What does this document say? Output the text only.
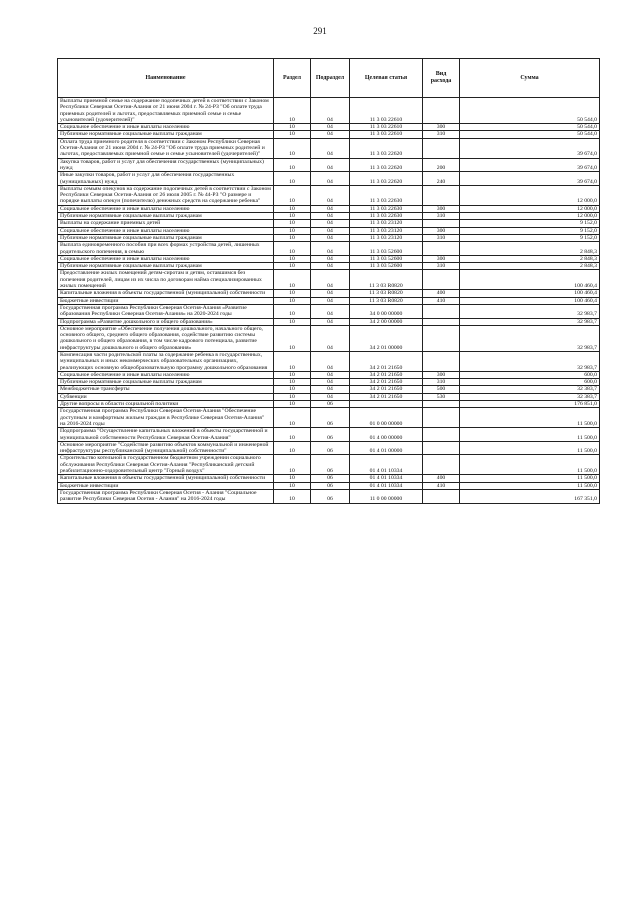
291
Наименование	Раздел	Подраздел	Целевая статья	Вид расхода	Сумма
Выплаты приемной семье на содержание подопечных детей в соответствии с Законом Республики Северная Осетия-Алания от 21 июня 2004 г. № 24-РЗ "Об оплате труда приемных родителей и льготах, предоставляемых приемной семье и семье усыновителей (удочерителей)"	10	04	11 3 03 22610		50 544,0
Социальное обеспечение и иные выплаты населению	10	04	11 3 03 22610	300	50 544,0
Публичные нормативные социальные выплаты гражданам	10	04	11 3 03 22610	310	50 544,0
Оплата труда приемного родителя в соответствии с Законом Республики Северная Осетия-Алания от 21 июня 2004 г. № 24-РЗ "Об оплате труда приемных родителей и льготах, предоставляемых приемной семье и семье усыновителей (удочерителей)"	10	04	11 3 03 22620		39 674,0
Закупка товаров, работ и услуг для обеспечения государственных (муниципальных) нужд	10	04	11 3 03 22620	200	39 674,0
Иные закупки товаров, работ и услуг для обеспечения государственных (муниципальных) нужд	10	04	11 3 03 22620	240	39 674,0
Выплаты семьям опекунов на содержание подопечных детей в соответствии с Законом Республики Северная Осетия-Алания от 26 июля 2005 г. № 44-РЗ "О размере и порядке выплаты опекун (попечителю) денежных средств на содержание ребенка"	10	04	11 3 03 22630		12 000,0
Социальное обеспечение и иные выплаты населению	10	04	11 3 03 22630	300	12 000,0
Публичные нормативные социальные выплаты гражданам	10	04	11 3 03 22630	310	12 000,0
Выплаты на содержание приемных детей	10	04	11 3 03 23120		9 152,0
Социальное обеспечение и иные выплаты населению	10	04	11 3 03 23120	300	9 152,0
Публичные нормативные социальные выплаты гражданам	10	04	11 3 03 23120	310	9 152,0
Выплата единовременного пособия при всех формах устройства детей, лишенных родительского попечения, в семью	10	04	11 3 03 52600		2 848,3
Социальное обеспечение и иные выплаты населению	10	04	11 3 03 52600	300	2 848,3
Публичные нормативные социальные выплаты гражданам	10	04	11 3 03 52600	310	2 848,3
Предоставление жилых помещений детям-сиротам и детям, оставшимся без попечения родителей, лицам из их числа по договорам найма специализированных жилых помещений	10	04	11 3 03 R0820		100 460,4
Капитальные вложения в объекты государственной (муниципальной) собственности	10	04	11 3 03 R0820	400	100 460,4
Бюджетные инвестиции	10	04	11 3 03 R0820	410	100 460,4
Государственная программа Республики Северная Осетия-Алания «Развитие образования Республики Северная Осетия-Алания» на 2020-2024 годы	10	04	34 0 00 00000		32 983,7
Подпрограмма «Развитие дошкольного и общего образования»	10	04	34 2 00 00000		32 983,7
Основное мероприятие «Обеспечение получения дошкольного, начального общего, основного общего, среднего общего образования, содействие развитию системы дошкольного и общего образования, в том числе кадрового потенциала, развитие инфраструктуры дошкольного и общего образования»	10	04	34 2 01 00000		32 983,7
Компенсация части родительской платы за содержание ребенка в государственных, муниципальных и иных некоммерческих образовательных организациях, реализующих основную общеобразовательную программу дошкольного образования	10	04	34 2 01 21650		32 983,7
Социальное обеспечение и иные выплаты населению	10	04	34 2 01 21650	300	600,0
Публичные нормативные социальные выплаты гражданам	10	04	34 2 01 21650	310	600,0
Межбюджетные трансферты	10	04	34 2 01 21650	500	32 383,7
Субвенции	10	04	34 2 01 21650	530	32 383,7
Другие вопросы в области социальной политики	10	06			176 851,0
Государственная программа Республики Северная Осетия-Алания "Обеспечение доступным и комфортным жильем граждан в Республике Северная Осетия-Алания" на 2016-2024 годы	10	06	01 0 00 00000		11 500,0
Подпрограмма "Осуществление капитальных вложений в объекты государственной и муниципальной собственности Республики Северная Осетия-Алания"	10	06	01 4 00 00000		11 500,0
Основное мероприятие "Содействие развитию объектов коммунальной и инженерной инфраструктуры республиканской (муниципальной) собственности"	10	06	01 4 01 00000		11 500,0
Строительство котельной в государственном бюджетном учреждении социального обслуживания Республики Северная Осетия-Алания "Республиканский детский реабилитационно-оздоровительный центр "Горный воздух"	10	06	01 4 01 10334		11 500,0
Капитальные вложения в объекты государственной (муниципальной) собственности	10	06	01 4 01 10334	400	11 500,0
Бюджетные инвестиции	10	06	01 4 01 10334	410	11 500,0
Государственная программа Республики Северная Осетия - Алания "Социальное развитие Республики Северная Осетия - Алания" на 2016-2024 годы	10	06	11 0 00 00000		167 351,0
